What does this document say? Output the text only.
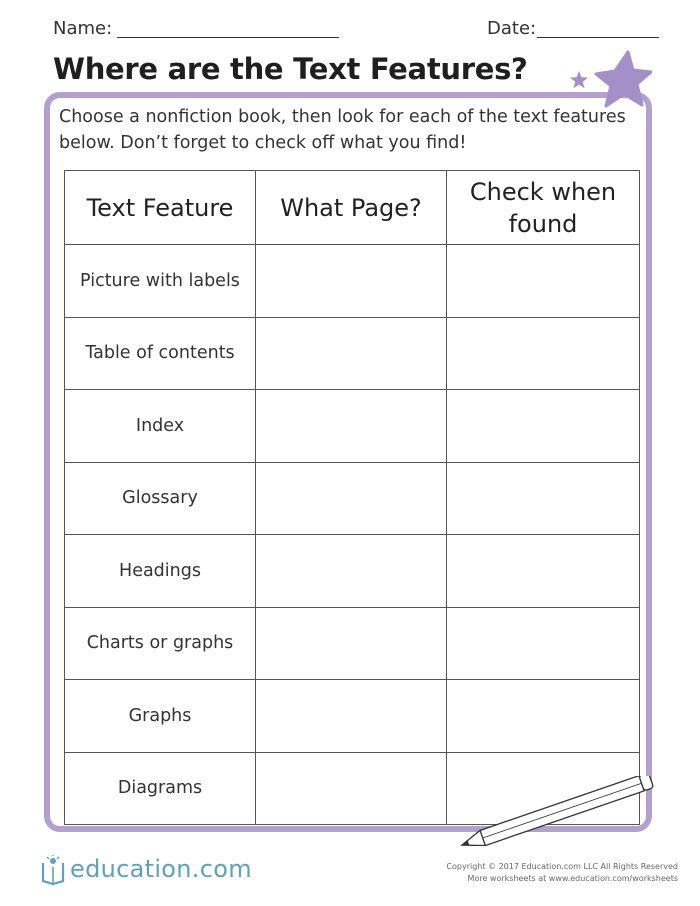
Name:	Date:
Where are the Text Features?
Choose a nonfiction book, then look for each of the text features below. Don’t forget to check off what you find!
Text Feature	What Page?	Check when found
Picture with labels		
Table of contents		
Index		
Glossary		
Headings		
Charts or graphs		
Graphs		
Diagrams		
education.com	Copyright © 2017 Education.com LLC All Rights Reserved
More worksheets at www.education.com/worksheets
